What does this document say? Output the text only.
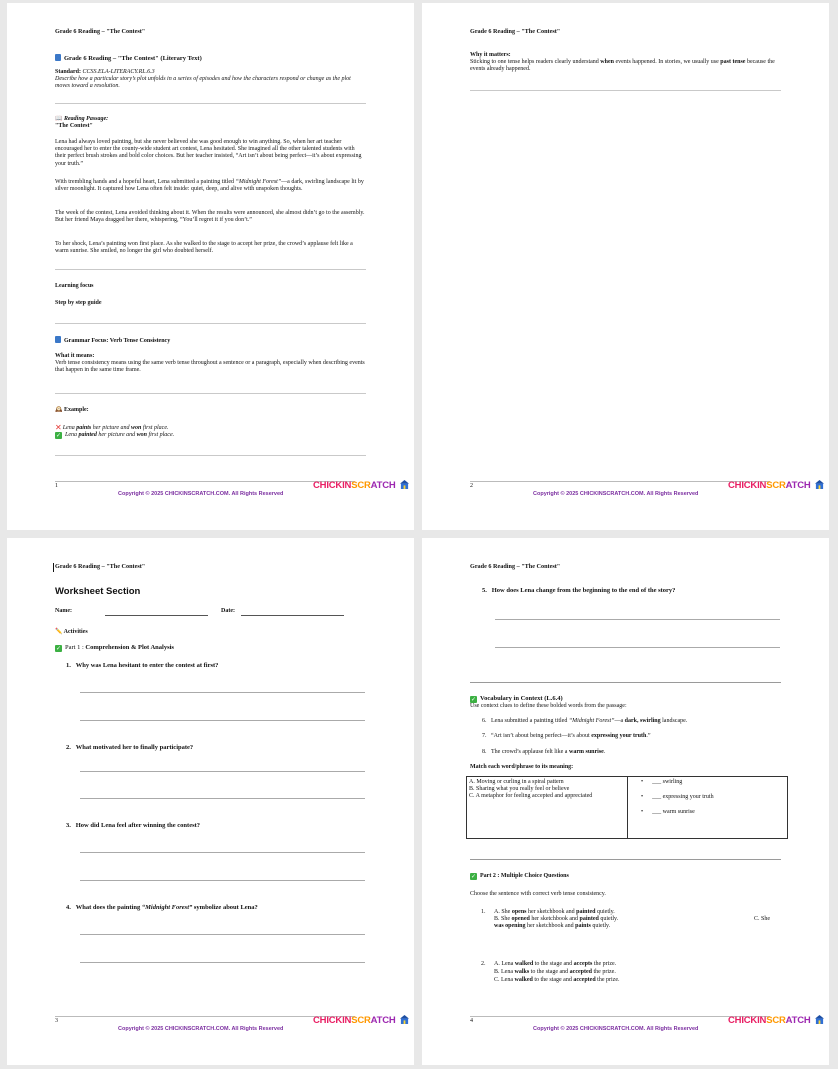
Grade 6 Reading – "The Contest"
Grade 6 Reading – "The Contest" (Literary Text)
Standard: CCSS.ELA-LITERACY.RL.6.3
Describe how a particular story’s plot unfolds in a series of episodes and how the characters respond or change as the plot moves toward a resolution.
📖 Reading Passage:
"The Contest"
Lena had always loved painting, but she never believed she was good enough to win anything. So, when her art teacher encouraged her to enter the county-wide student art contest, Lena hesitated. She imagined all the other talented students with their perfect brush strokes and bold color choices. But her teacher insisted, “Art isn’t about being perfect—it’s about expressing your truth.”
With trembling hands and a hopeful heart, Lena submitted a painting titled “Midnight Forest”—a dark, swirling landscape lit by silver moonlight. It captured how Lena often felt inside: quiet, deep, and alive with unspoken thoughts.
The week of the contest, Lena avoided thinking about it. When the results were announced, she almost didn’t go to the assembly. But her friend Maya dragged her there, whispering, “You’ll regret it if you don’t.”
To her shock, Lena’s painting won first place. As she walked to the stage to accept her prize, the crowd’s applause felt like a warm sunrise. She smiled, no longer the girl who doubted herself.
Learning focus
Step by step guide
Grammar Focus: Verb Tense Consistency
What it means:
Verb tense consistency means using the same verb tense throughout a sentence or a paragraph, especially when describing events that happen in the same time frame.
🕰️ Example:
✕Lena paints her picture and won first place.
✓ Lena painted her picture and won first place.
1
Copyright © 2025 CHICKINSCRATCH.COM. All Rights Reserved
CHICKINSCRATCH
Grade 6 Reading – "The Contest"
Why it matters:
Sticking to one tense helps readers clearly understand when events happened. In stories, we usually use past tense because the events already happened.
2
Copyright © 2025 CHICKINSCRATCH.COM. All Rights Reserved
CHICKINSCRATCH
Grade 6 Reading – "The Contest"
Worksheet Section
Name:	Date:
✏️ Activities
✓ Part 1 : Comprehension & Plot Analysis
1. Why was Lena hesitant to enter the contest at first?
2. What motivated her to finally participate?
3. How did Lena feel after winning the contest?
4. What does the painting “Midnight Forest” symbolize about Lena?
3
Copyright © 2025 CHICKINSCRATCH.COM. All Rights Reserved
CHICKINSCRATCH
Grade 6 Reading – "The Contest"
5. How does Lena change from the beginning to the end of the story?
✓ Vocabulary in Context (L.6.4)
Use context clues to define these bolded words from the passage:
6. Lena submitted a painting titled “Midnight Forest”—a dark, swirling landscape.
7. “Art isn’t about being perfect—it’s about expressing your truth.”
8. The crowd’s applause felt like a warm sunrise.
Match each word/phrase to its meaning:
A. Moving or curling in a spiral pattern
B. Sharing what you really feel or believe
C. A metaphor for feeling accepted and appreciated
• ___ swirling
• ___ expressing your truth
• ___ warm sunrise
✓ Part 2 : Multiple Choice Questions
Choose the sentence with correct verb tense consistency.
1. A. She opens her sketchbook and painted quietly.
B. She opened her sketchbook and painted quietly.	C. She
was opening her sketchbook and paints quietly.
2. A. Lena walked to the stage and accepts the prize.
B. Lena walks to the stage and accepted the prize.
C. Lena walked to the stage and accepted the prize.
4
Copyright © 2025 CHICKINSCRATCH.COM. All Rights Reserved
CHICKINSCRATCH
